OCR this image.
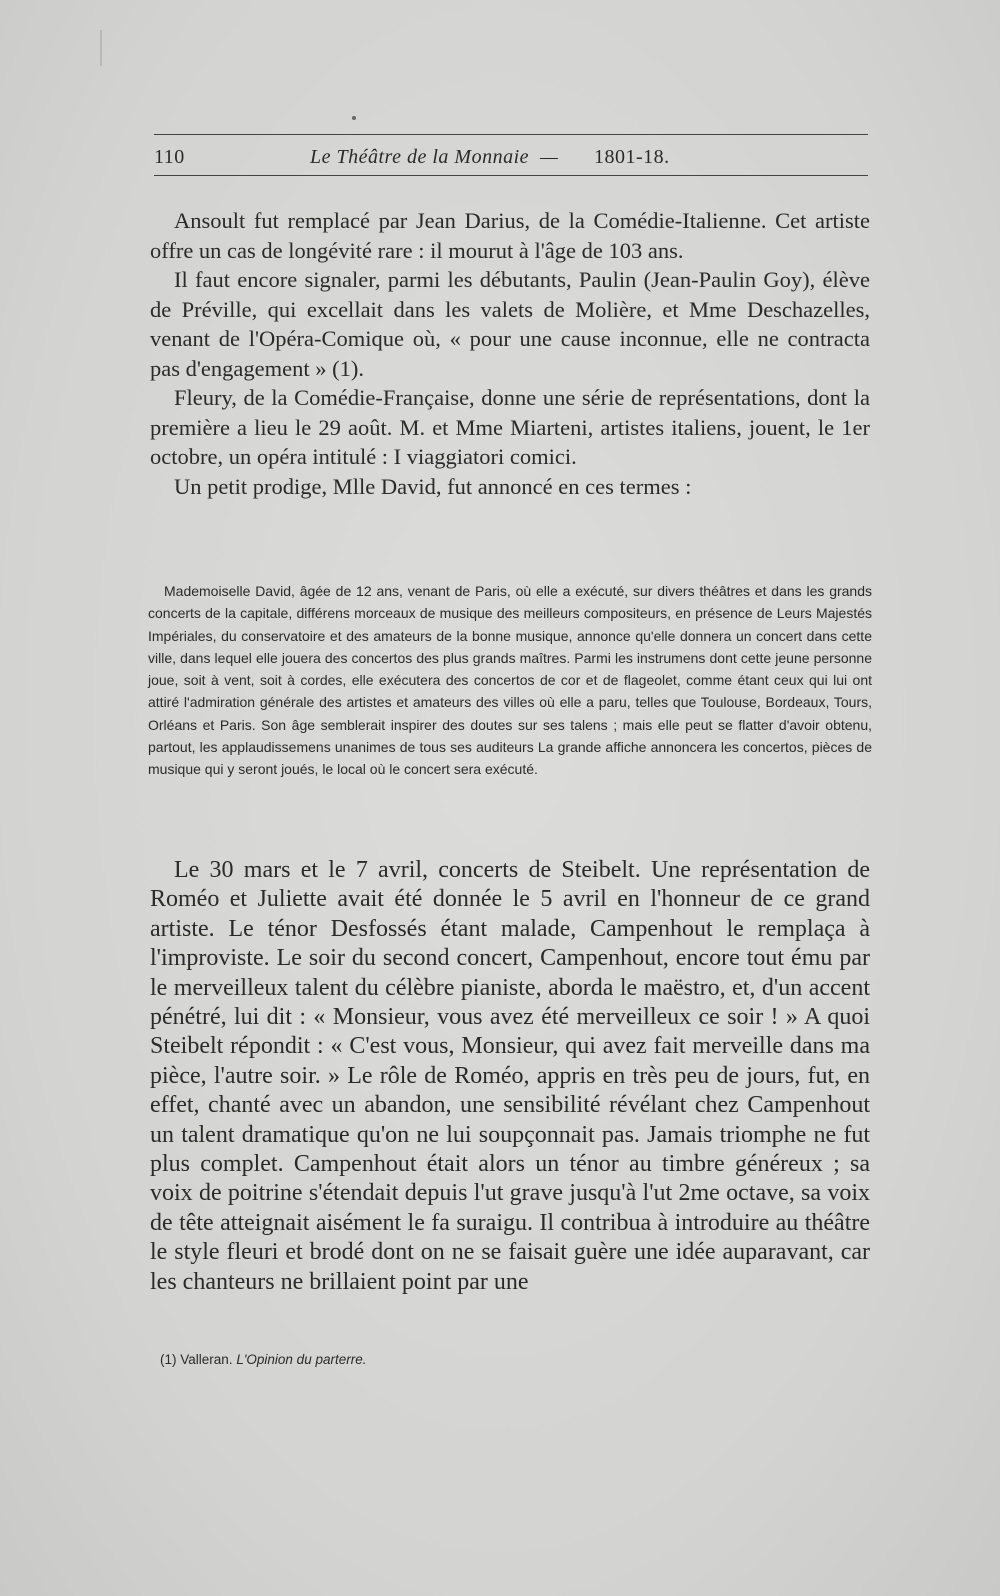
110	Le Théâtre de la Monnaie — 1801-18.

Ansoult fut remplacé par Jean Darius, de la Comédie-Italienne. Cet artiste offre un cas de longévité rare : il mourut à l'âge de 103 ans.

Il faut encore signaler, parmi les débutants, Paulin (Jean-Paulin Goy), élève de Préville, qui excellait dans les valets de Molière, et Mme Deschazelles, venant de l'Opéra-Comique où, « pour une cause inconnue, elle ne contracta pas d'engagement » (1).

Fleury, de la Comédie-Française, donne une série de représentations, dont la première a lieu le 29 août. M. et Mme Miarteni, artistes italiens, jouent, le 1er octobre, un opéra intitulé : I viaggiatori comici.

Un petit prodige, Mlle David, fut annoncé en ces termes :

Mademoiselle David, âgée de 12 ans, venant de Paris, où elle a exécuté, sur divers théâtres et dans les grands concerts de la capitale, différens morceaux de musique des meilleurs compositeurs, en présence de Leurs Majestés Impériales, du conservatoire et des amateurs de la bonne musique, annonce qu'elle donnera un concert dans cette ville, dans lequel elle jouera des concertos des plus grands maîtres. Parmi les instrumens dont cette jeune personne joue, soit à vent, soit à cordes, elle exécutera des concertos de cor et de flageolet, comme étant ceux qui lui ont attiré l'admiration générale des artistes et amateurs des villes où elle a paru, telles que Toulouse, Bordeaux, Tours, Orléans et Paris. Son âge semblerait inspirer des doutes sur ses talens ; mais elle peut se flatter d'avoir obtenu, partout, les applaudissemens unanimes de tous ses auditeurs La grande affiche annoncera les concertos, pièces de musique qui y seront joués, le local où le concert sera exécuté.

Le 30 mars et le 7 avril, concerts de Steibelt. Une représentation de Roméo et Juliette avait été donnée le 5 avril en l'honneur de ce grand artiste. Le ténor Desfossés étant malade, Campenhout le remplaça à l'improviste. Le soir du second concert, Campenhout, encore tout ému par le merveilleux talent du célèbre pianiste, aborda le maëstro, et, d'un accent pénétré, lui dit : « Monsieur, vous avez été merveilleux ce soir ! » A quoi Steibelt répondit : « C'est vous, Monsieur, qui avez fait merveille dans ma pièce, l'autre soir. » Le rôle de Roméo, appris en très peu de jours, fut, en effet, chanté avec un abandon, une sensibilité révélant chez Campenhout un talent dramatique qu'on ne lui soupçonnait pas. Jamais triomphe ne fut plus complet. Campenhout était alors un ténor au timbre généreux ; sa voix de poitrine s'étendait depuis l'ut grave jusqu'à l'ut 2me octave, sa voix de tête atteignait aisément le fa suraigu. Il contribua à introduire au théâtre le style fleuri et brodé dont on ne se faisait guère une idée auparavant, car les chanteurs ne brillaient point par une

(1) Valleran. L'Opinion du parterre.
